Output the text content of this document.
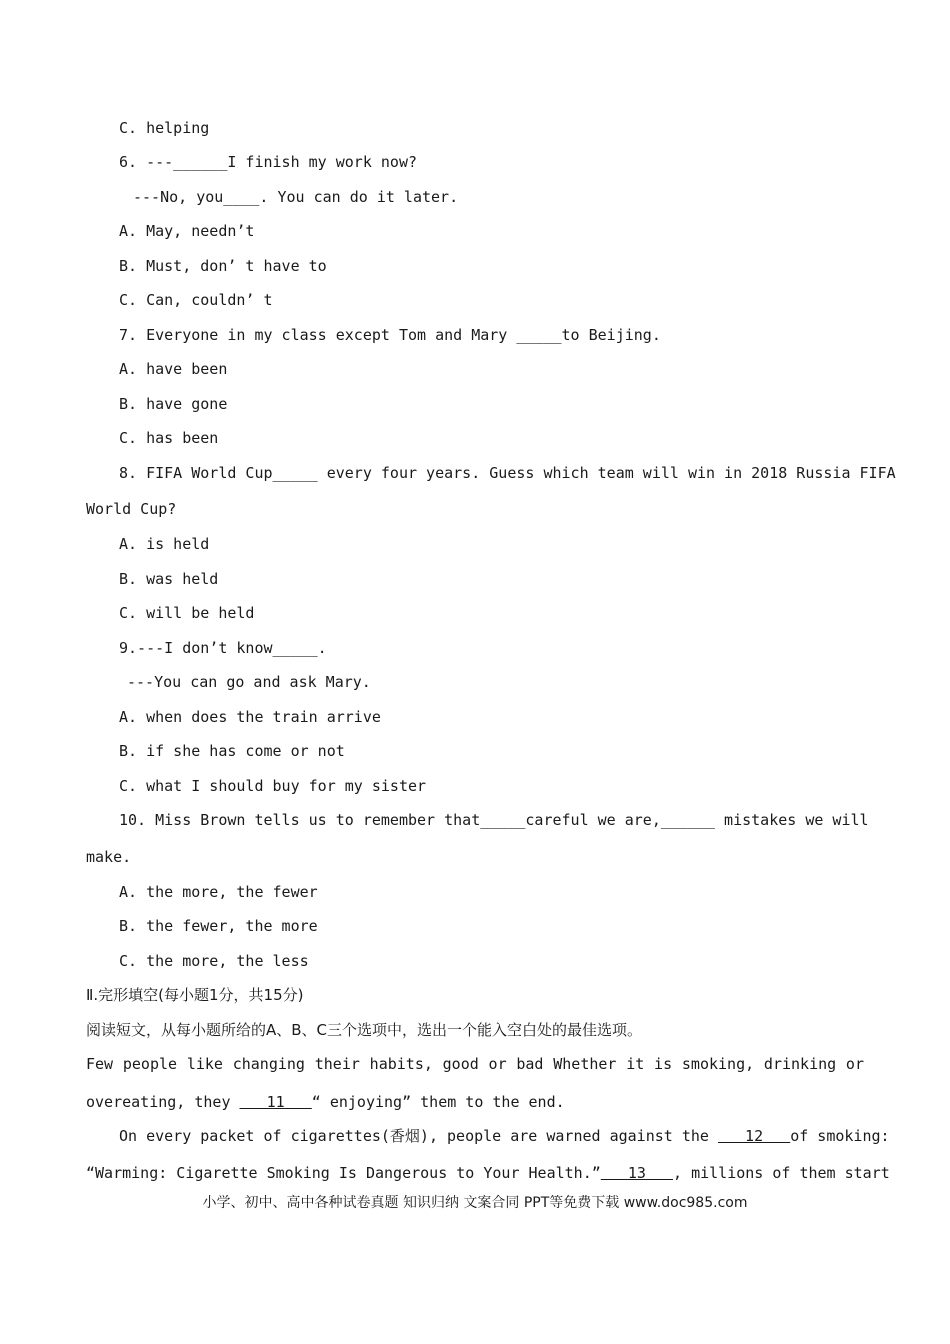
C. helping
6. ---______I finish my work now?
---No, you____. You can do it later.
A. May, needn’t
B. Must, don’ t have to
C. Can, couldn’ t
7. Everyone in my class except Tom and Mary _____to Beijing.
A. have been
B. have gone
C. has been
8. FIFA World Cup_____ every four years. Guess which team will win in 2018 Russia FIFA
World Cup?
A. is held
B. was held
C. will be held
9.---I don’t know_____.
---You can go and ask Mary.
A. when does the train arrive
B. if she has come or not
C. what I should buy for my sister
10. Miss Brown tells us to remember that_____careful we are,______ mistakes we will
make.
A. the more, the fewer
B. the fewer, the more
C. the more, the less
Ⅱ.完形填空(每小题1分，共15分)
阅读短文，从每小题所给的A、B、C三个选项中，选出一个能入空白处的最佳选项。
Few people like changing their habits, good or bad Whether it is smoking, drinking or
overeating, they    11   “ enjoying” them to the end.
On every packet of cigarettes(香烟), people are warned against the    12   of smoking:
“Warming: Cigarette Smoking Is Dangerous to Your Health.”   13   , millions of them start
小学、初中、高中各种试卷真题 知识归纳 文案合同 PPT等免费下载 www.doc985.com
